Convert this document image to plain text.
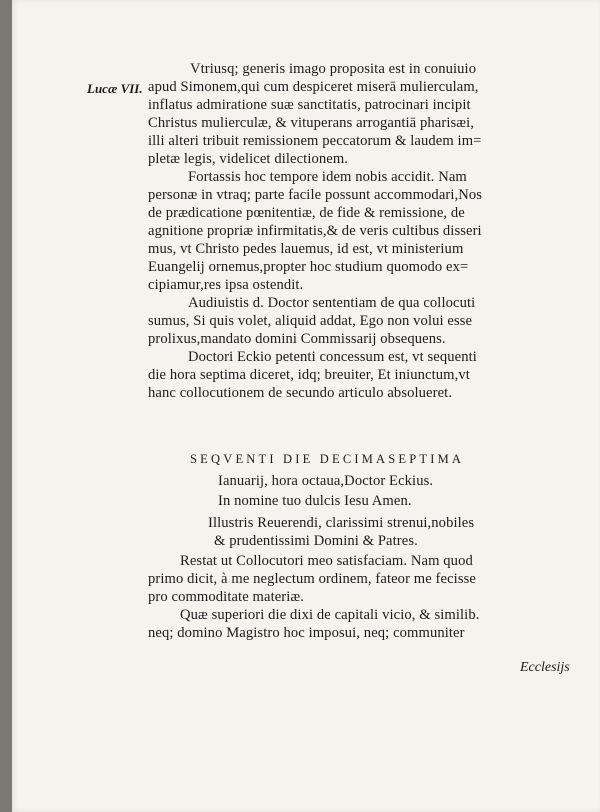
Lucæ VII.
Vtriusq; generis imago proposita est in conuiuio
apud Simonem,qui cum despiceret miserā mulierculam,
inflatus admiratione suæ sanctitatis, patrocinari incipit
Christus mulierculæ, & vituperans arrogantiā pharisæi,
illi alteri tribuit remissionem peccatorum & laudem im=
pletæ legis, videlicet dilectionem.
Fortassis hoc tempore idem nobis accidit. Nam
personæ in vtraq; parte facile possunt accommodari,Nos
de prædicatione pœnitentiæ, de fide & remissione, de
agnitione propriæ infirmitatis,& de veris cultibus disseri
mus, vt Christo pedes lauemus, id est, vt ministerium
Euangelij ornemus,propter hoc studium quomodo ex=
cipiamur,res ipsa ostendit.
Audiuistis d. Doctor sententiam de qua collocuti
sumus, Si quis volet, aliquid addat, Ego non volui esse
prolixus,mandato domini Commissarij obsequens.
Doctori Eckio petenti concessum est, vt sequenti
die hora septima diceret, idq; breuiter, Et iniunctum,vt
hanc collocutionem de secundo articulo absolueret.
SEQVENTI DIE DECIMASEPTIMA
Ianuarij, hora octaua,Doctor Eckius.
In nomine tuo dulcis Iesu Amen.
Illustris Reuerendi, clarissimi strenui,nobiles
& prudentissimi Domini & Patres.
Restat ut Collocutori meo satisfaciam. Nam quod
primo dicit, à me neglectum ordinem, fateor me fecisse
pro commoditate materiæ.
Quæ superiori die dixi de capitali vicio, & similib.
neq; domino Magistro hoc imposui, neq; communiter
Ecclesijs
